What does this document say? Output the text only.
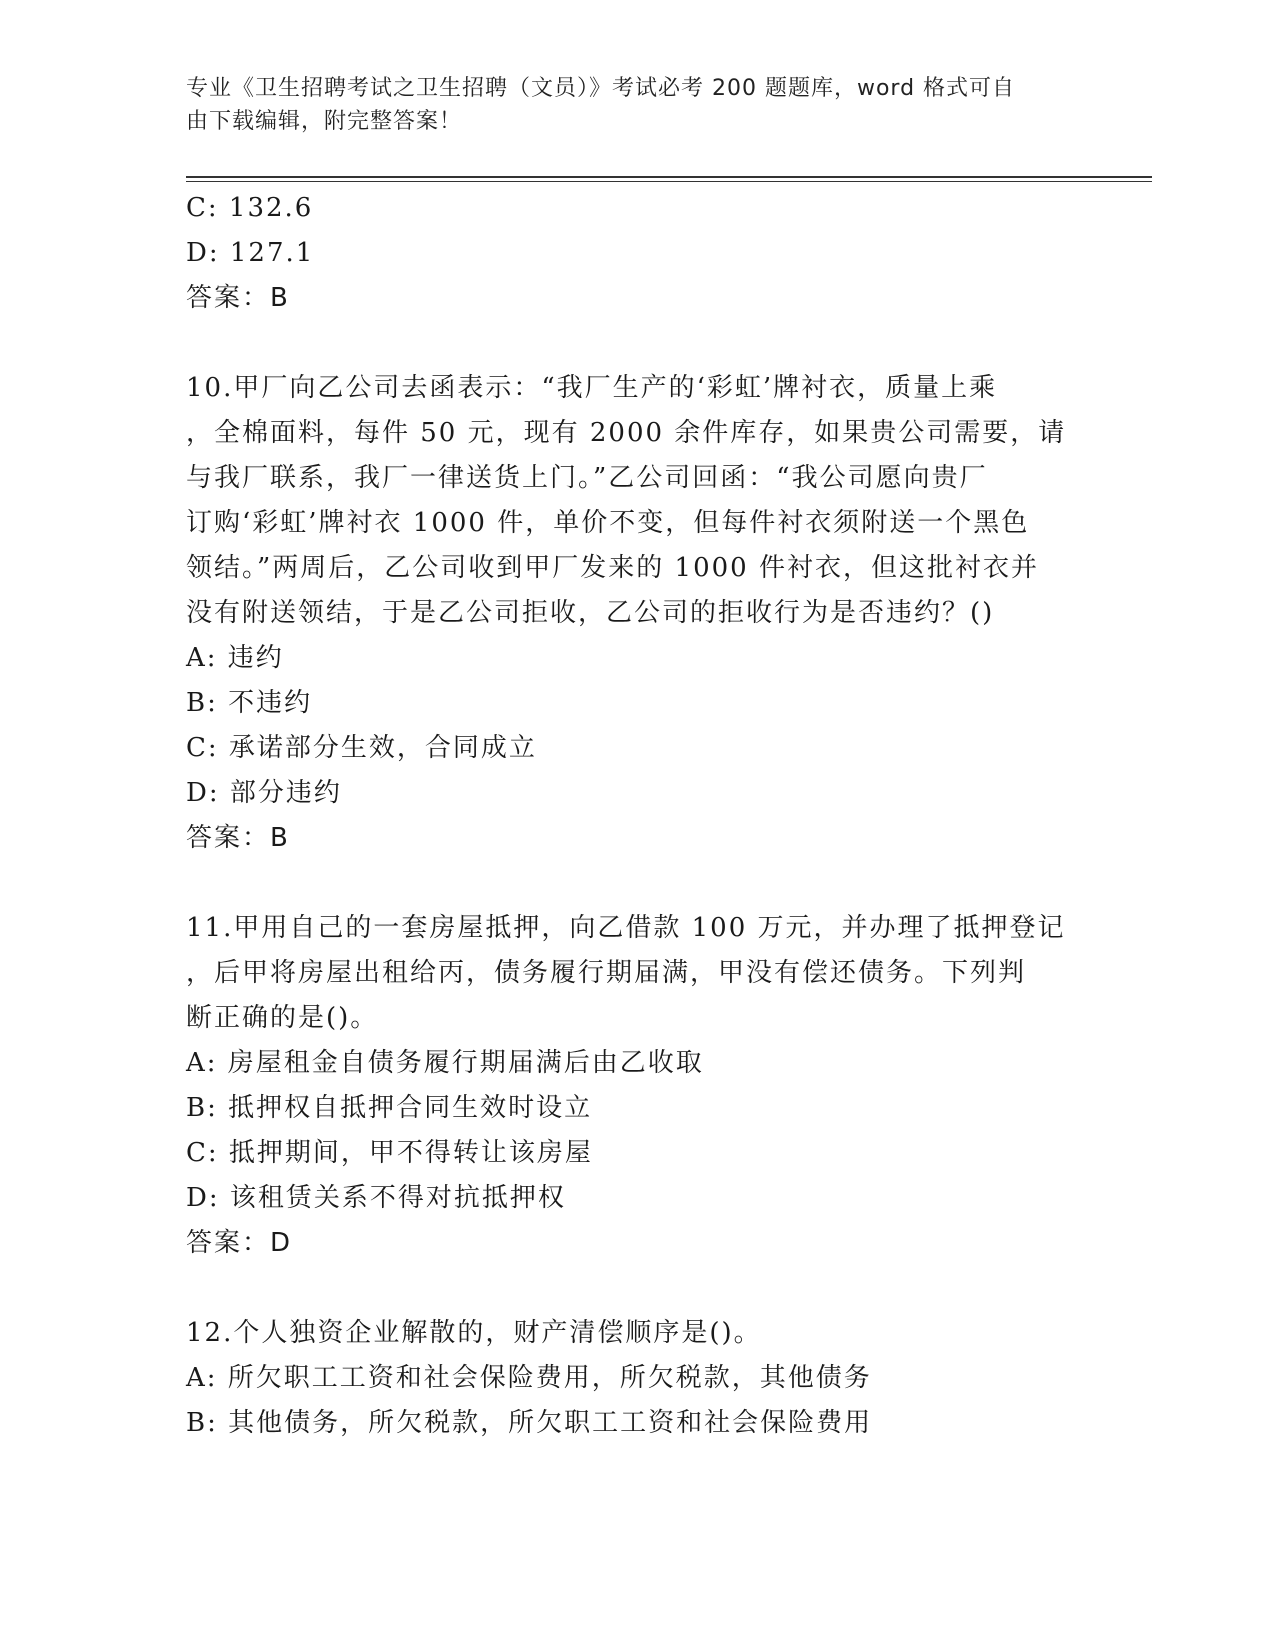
专业《卫生招聘考试之卫生招聘（文员）》考试必考 200 题题库，word 格式可自
由下载编辑，附完整答案！
C: 132.6
D: 127.1
答案：B
10.甲厂向乙公司去函表示：“我厂生产的‘彩虹’牌衬衣，质量上乘
，全棉面料，每件 50 元，现有 2000 余件库存，如果贵公司需要，请
与我厂联系，我厂一律送货上门。”乙公司回函：“我公司愿向贵厂
订购‘彩虹’牌衬衣 1000 件，单价不变，但每件衬衣须附送一个黑色
领结。”两周后，乙公司收到甲厂发来的 1000 件衬衣，但这批衬衣并
没有附送领结，于是乙公司拒收，乙公司的拒收行为是否违约？()
A: 违约
B: 不违约
C: 承诺部分生效，合同成立
D: 部分违约
答案：B
11.甲用自己的一套房屋抵押，向乙借款 100 万元，并办理了抵押登记
，后甲将房屋出租给丙，债务履行期届满，甲没有偿还债务。下列判
断正确的是()。
A: 房屋租金自债务履行期届满后由乙收取
B: 抵押权自抵押合同生效时设立
C: 抵押期间，甲不得转让该房屋
D: 该租赁关系不得对抗抵押权
答案：D
12.个人独资企业解散的，财产清偿顺序是()。
A: 所欠职工工资和社会保险费用，所欠税款，其他债务
B: 其他债务，所欠税款，所欠职工工资和社会保险费用
